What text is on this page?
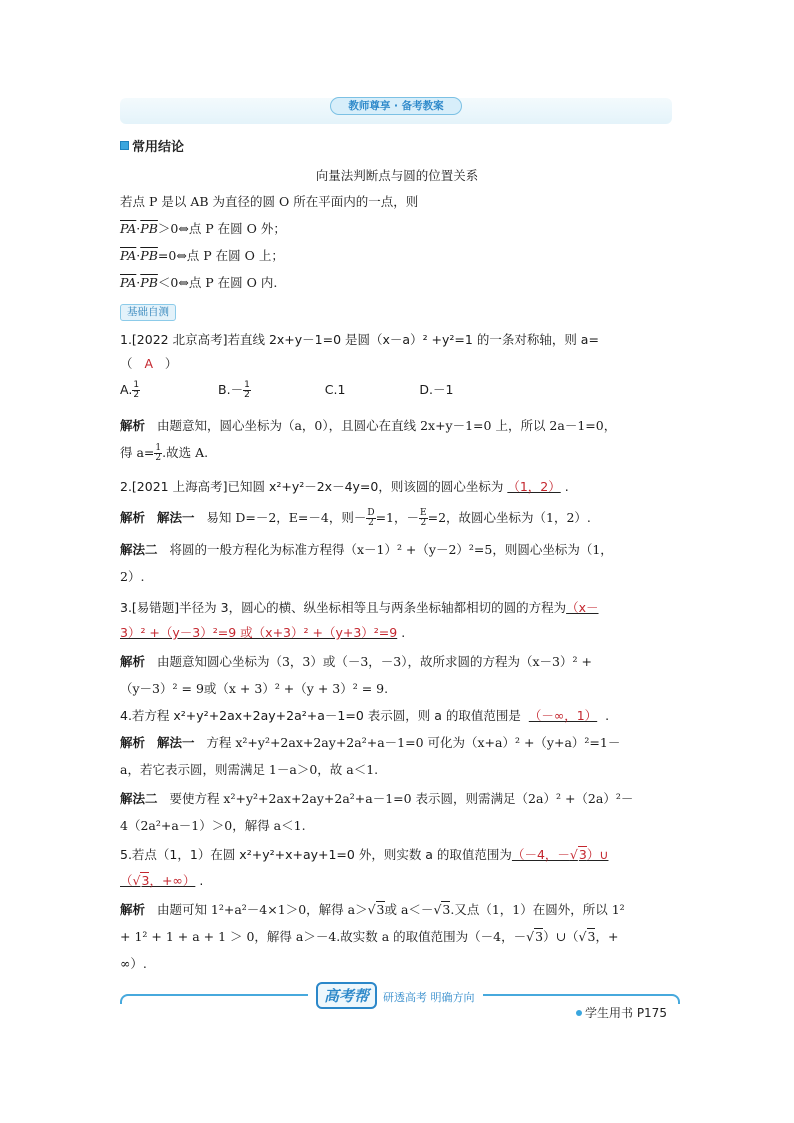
教师尊享 · 备考教案
常用结论
向量法判断点与圆的位置关系
若点 P 是以 AB 为直径的圆 O 所在平面内的一点，则
$\overline{PA}\cdot\overline{PB}>0\Leftrightarrow$点 P 在圆 O 外；
$\overline{PA}\cdot\overline{PB}=0\Leftrightarrow$点 P 在圆 O 上；
$\overline{PA}\cdot\overline{PB}<0\Leftrightarrow$点 P 在圆 O 内.
基础自测
1.[2022 北京高考]若直线 2x+y－1=0 是圆（x－a）² +y²=1 的一条对称轴，则 a=
（ A ）
A. $\frac{1}{2}$	$B.- \frac{1}{2}$	C.1	D.－1
解析 由题意知，圆心坐标为（a，0），且圆心在直线 2x+y－1=0 上，所以 2a－1=0，
得 $a= \frac{1}{2}$ .故选 A.
2.[2021 上海高考]已知圆 x²+y²－2x－4y=0，则该圆的圆心坐标为 （1，2） .
解析 解法一 易知 D=－2，E=－4，则－ $\frac{D}{2} =1$，－ $\frac{E}{2} =2$，故圆心坐标为（1，2）.
解法二 将圆的一般方程化为标准方程得（x－1）² +（y－2）²=5，则圆心坐标为（1，
2）.
3.[易错题]半径为 3，圆心的横、纵坐标相等且与两条坐标轴都相切的圆的方程为（x－
3）² +（y－3）²=9 或（x+3）² +（y+3）²=9 .
解析 由题意知圆心坐标为（3，3）或（－3，－3），故所求圆的方程为（x－3）² +
（y－3）² = 9或（x + 3）² +（y + 3）² = 9.
4.若方程 x²+y²+2ax+2ay+2a²+a－1=0 表示圆，则 a 的取值范围是 （－∞，1） .
解析 解法一 方程 x²+y²+2ax+2ay+2a²+a－1=0 可化为（x+a）² +（y+a）²=1－
a，若它表示圆，则需满足 1－a＞0，故 a＜1.
解法二 要使方程 x²+y²+2ax+2ay+2a²+a－1=0 表示圆，则需满足（2a）² +（2a）²－
4（2a²+a－1）＞0，解得 a＜1.
5.若点（1，1）在圆 x²+y²+x+ay+1=0 外，则实数 a 的取值范围为（－4，－√3）∪
（√3，+∞） .
解析 由题可知 1²+a²－4×1＞0，解得 a＞√3或 a＜－√3.又点（1，1）在圆外，所以 1²
+ 1² + 1 + a + 1 ＞ 0，解得 a＞－4.故实数 a 的取值范围为（－4，－√3）∪（√3，+
∞）.
高考帮 研透高考 明确方向
学生用书 P175
